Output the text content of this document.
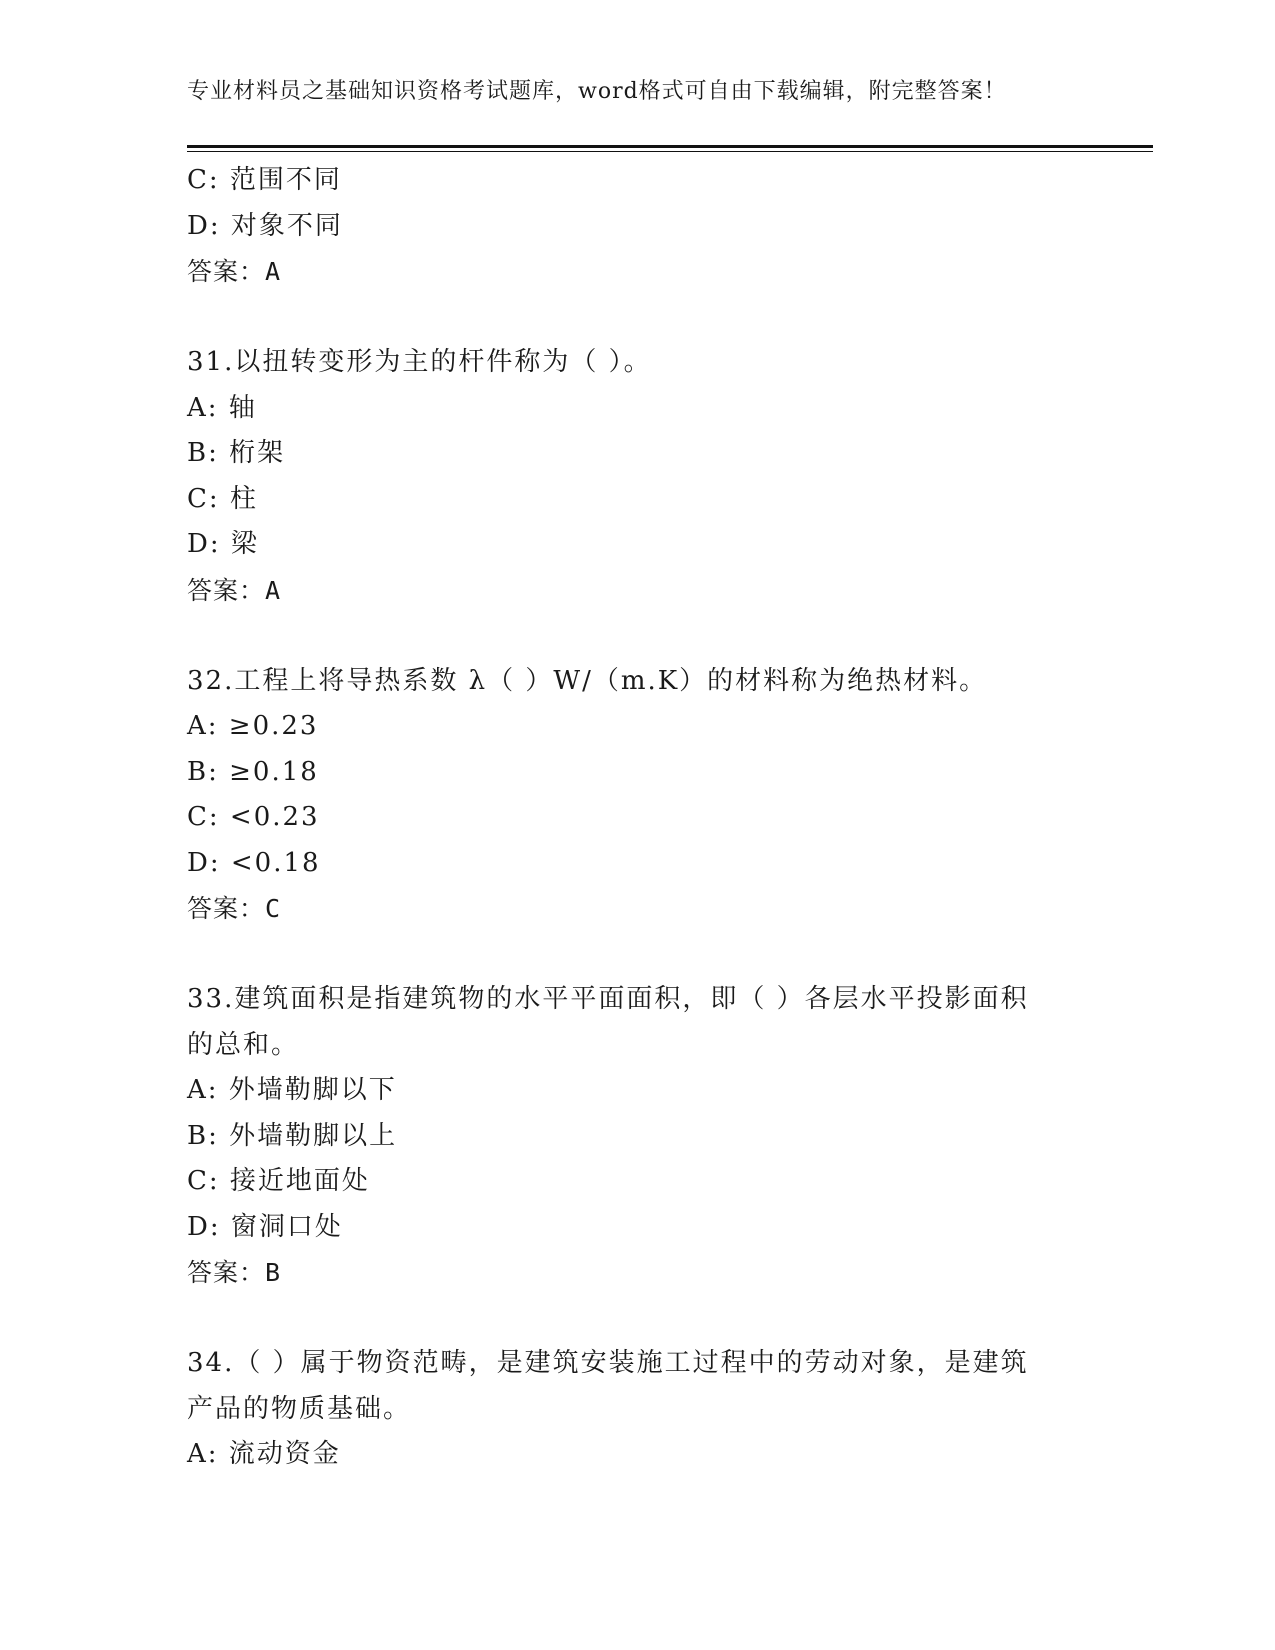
专业材料员之基础知识资格考试题库，word格式可自由下载编辑，附完整答案！
C: 范围不同
D: 对象不同
答案：A
31.以扭转变形为主的杆件称为（ ）。
A: 轴
B: 桁架
C: 柱
D: 梁
答案：A
32.工程上将导热系数 λ（ ）W/（m.K）的材料称为绝热材料。
A: ≥0.23
B: ≥0.18
C: <0.23
D: <0.18
答案：C
33.建筑面积是指建筑物的水平平面面积，即（ ）各层水平投影面积
的总和。
A: 外墙勒脚以下
B: 外墙勒脚以上
C: 接近地面处
D: 窗洞口处
答案：B
34.（ ）属于物资范畴，是建筑安装施工过程中的劳动对象，是建筑
产品的物质基础。
A: 流动资金
